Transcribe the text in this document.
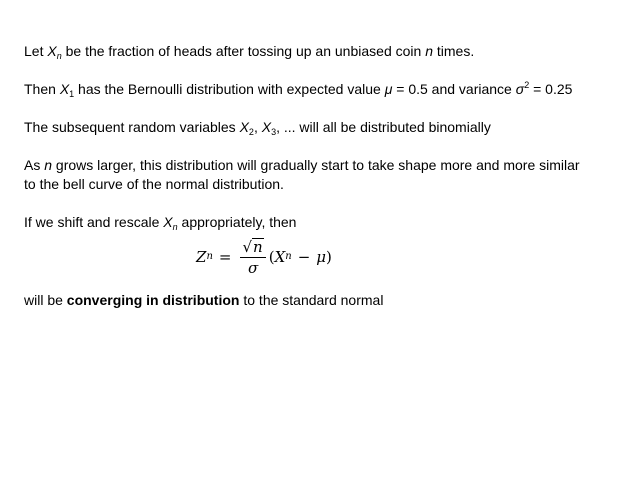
Let $X_n$ be the fraction of heads after tossing up an unbiased coin n times.
Then $X_1$ has the Bernoulli distribution with expected value μ = 0.5 and variance $\sigma^2 = 0.25$
The subsequent random variables $X_2$, $X_3$, ... will all be distributed binomially
As n grows larger, this distribution will gradually start to take shape more and more similar
to the bell curve of the normal distribution.
If we shift and rescale $X_n$ appropriately, then
Z $n = \frac{√ n}{\sigma}$ ( X n − μ )
will be converging in distribution to the standard normal
